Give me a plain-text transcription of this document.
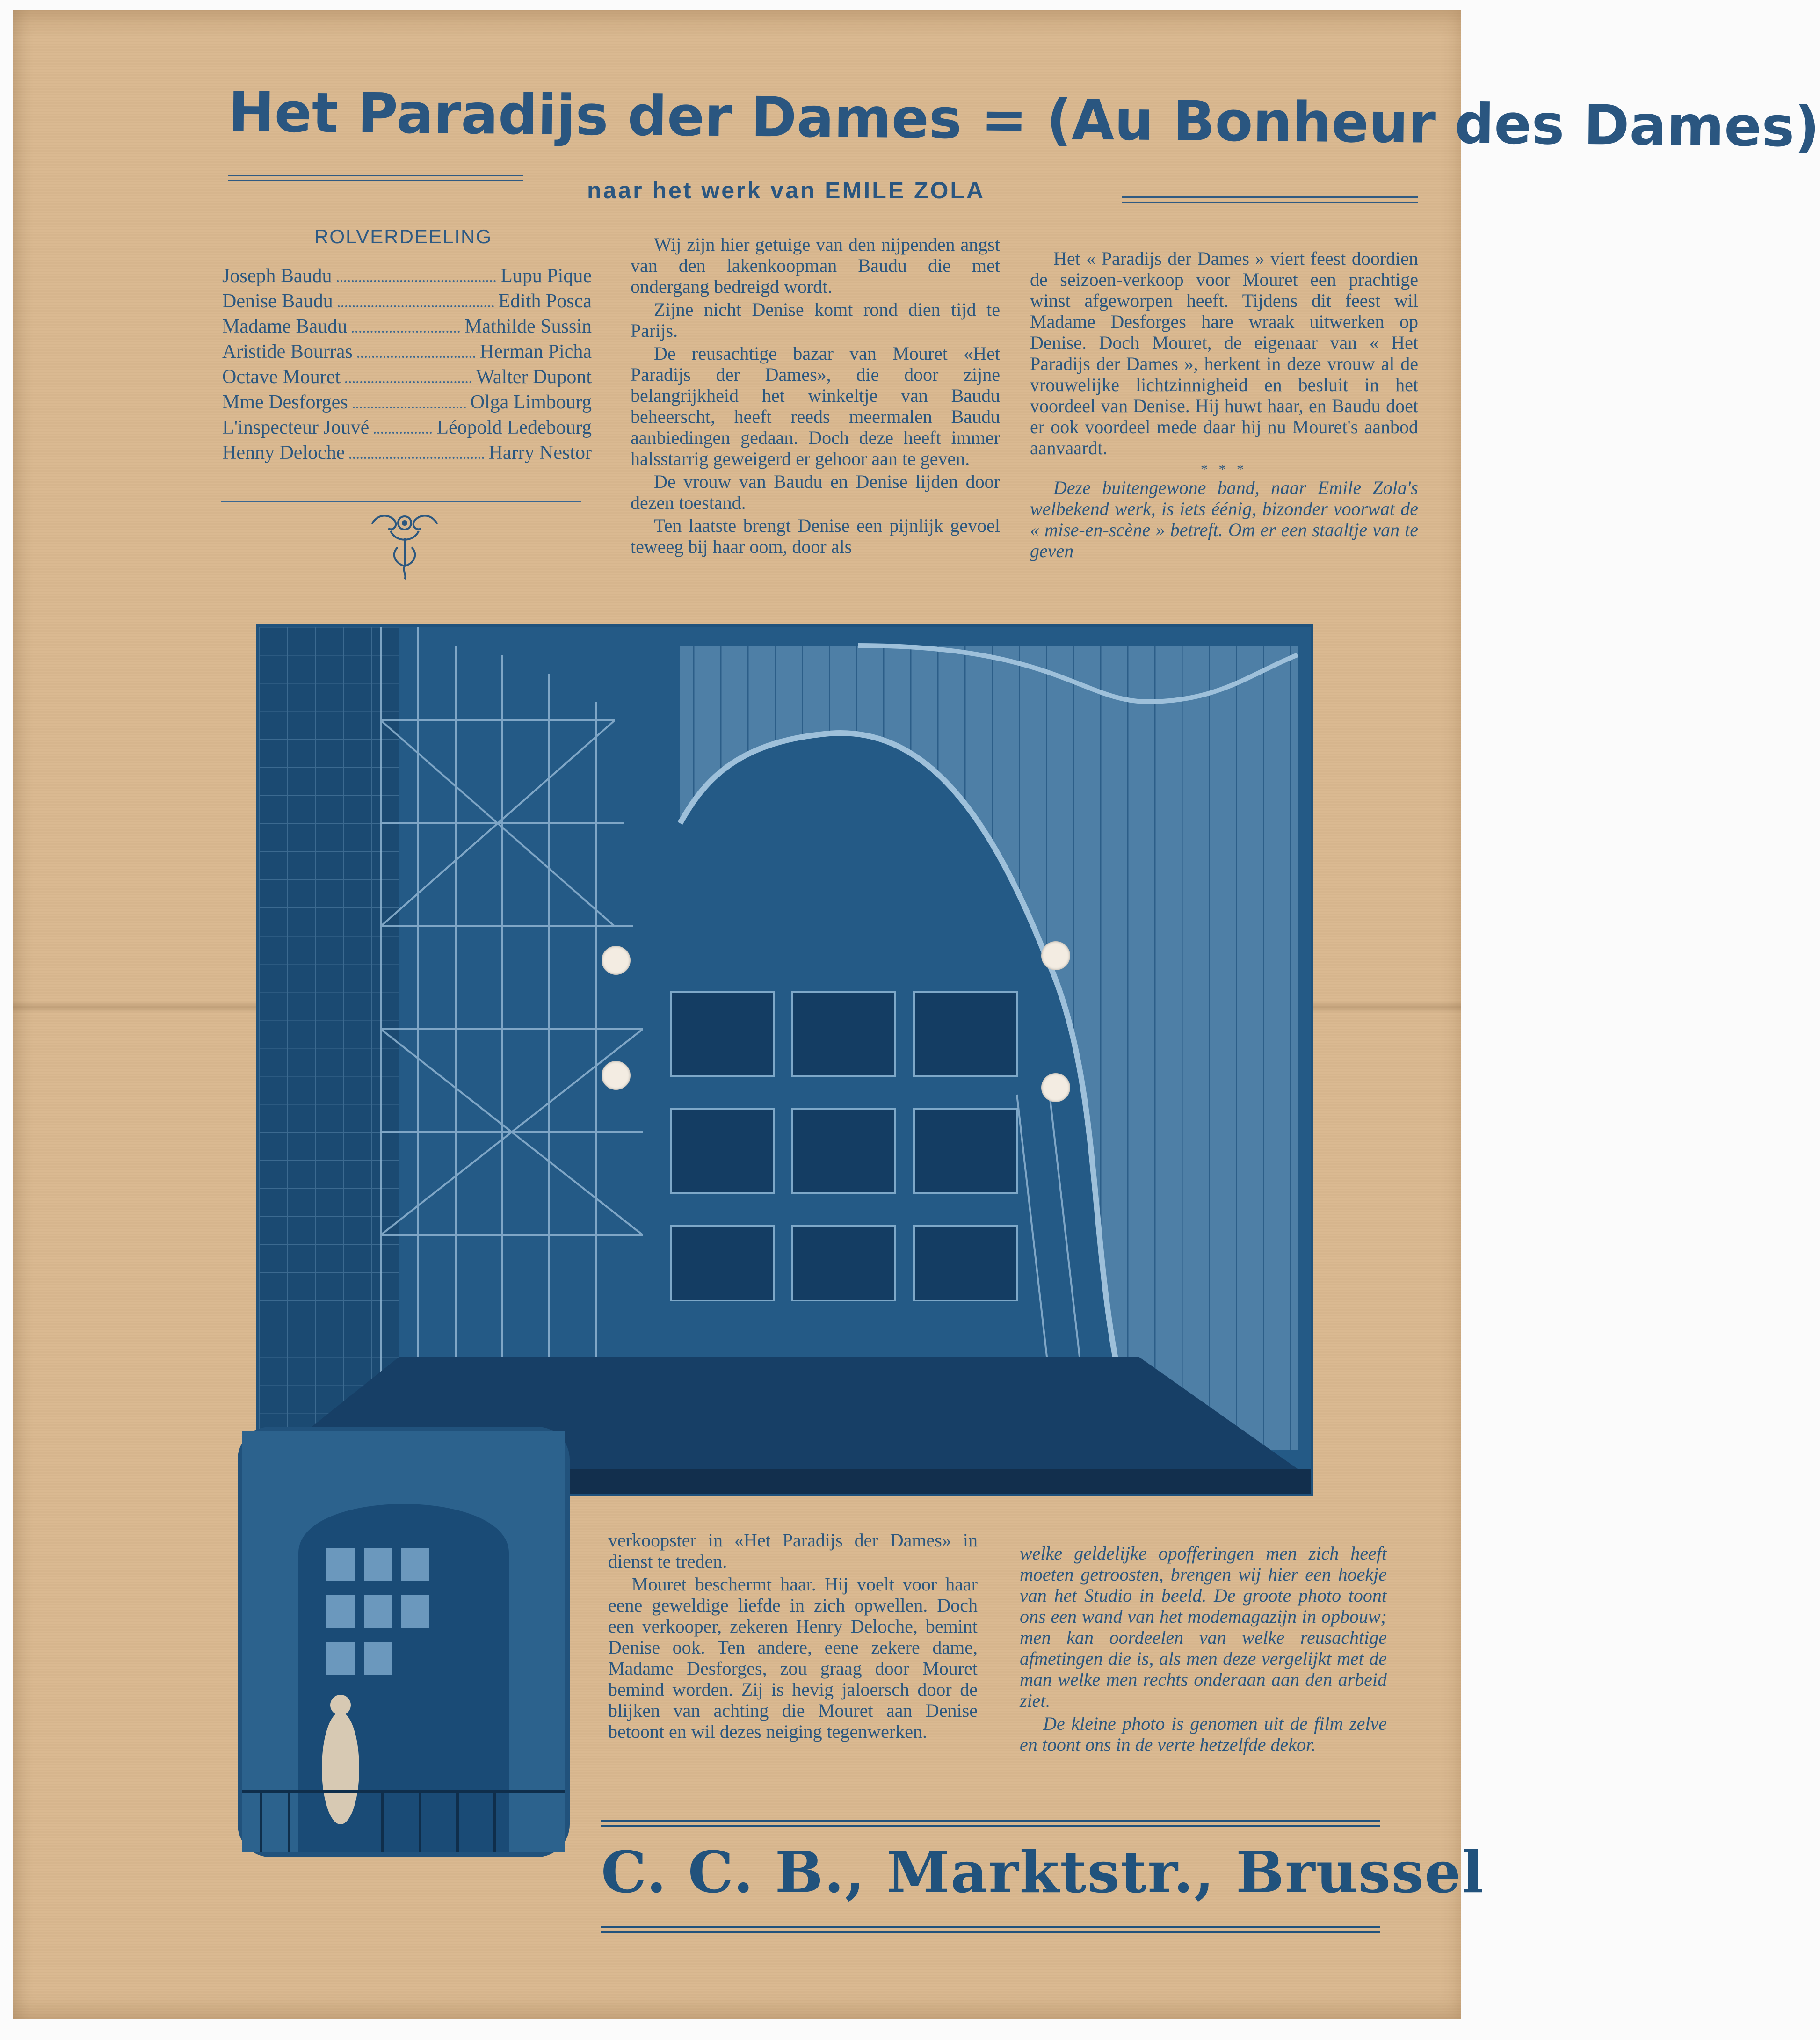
Het Paradijs der Dames = (Au Bonheur des Dames)
naar het werk van EMILE ZOLA
ROLVERDEELING
Joseph Baudu	Lupu Pique
Denise Baudu	Edith Posca
Madame Baudu	Mathilde Sussin
Aristide Bourras	Herman Picha
Octave Mouret	Walter Dupont
Mme Desforges	Olga Limbourg
L'inspecteur Jouvé	Léopold Ledebourg
Henny Deloche	Harry Nestor

Wij zijn hier getuige van den nijpenden angst van den lakenkoopman Baudu die met ondergang bedreigd wordt.

Zijne nicht Denise komt rond dien tijd te Parijs.

De reusachtige bazar van Mouret «Het Paradijs der Dames», die door zijne belangrijkheid het winkeltje van Baudu beheerscht, heeft reeds meermalen Baudu aanbiedingen gedaan. Doch deze heeft immer halsstarrig geweigerd er gehoor aan te geven.

De vrouw van Baudu en Denise lijden door dezen toestand.

Ten laatste brengt Denise een pijnlijk gevoel teweeg bij haar oom, door als

Het « Paradijs der Dames » viert feest doordien de seizoen-verkoop voor Mouret een prachtige winst afgeworpen heeft. Tijdens dit feest wil Madame Desforges hare wraak uitwerken op Denise. Doch Mouret, de eigenaar van « Het Paradijs der Dames », herkent in deze vrouw al de vrouwelijke lichtzinnigheid en besluit in het voordeel van Denise. Hij huwt haar, en Baudu doet er ook voordeel mede daar hij nu Mouret's aanbod aanvaardt.

* * *

Deze buitengewone band, naar Emile Zola's welbekend werk, is iets éénig, bizonder voorwat de « mise-en-scène » betreft. Om er een staaltje van te geven

verkoopster in «Het Paradijs der Dames» in dienst te treden.

Mouret beschermt haar. Hij voelt voor haar eene geweldige liefde in zich opwellen. Doch een verkooper, zekeren Henry Deloche, bemint Denise ook. Ten andere, eene zekere dame, Madame Desforges, zou graag door Mouret bemind worden. Zij is hevig jaloersch door de blijken van achting die Mouret aan Denise betoont en wil dezes neiging tegenwerken.

welke geldelijke opofferingen men zich heeft moeten getroosten, brengen wij hier een hoekje van het Studio in beeld. De groote photo toont ons een wand van het modemagazijn in opbouw; men kan oordeelen van welke reusachtige afmetingen die is, als men deze vergelijkt met de man welke men rechts onderaan aan den arbeid ziet.

De kleine photo is genomen uit de film zelve en toont ons in de verte hetzelfde dekor.

C. C. B., Marktstr., Brussel
